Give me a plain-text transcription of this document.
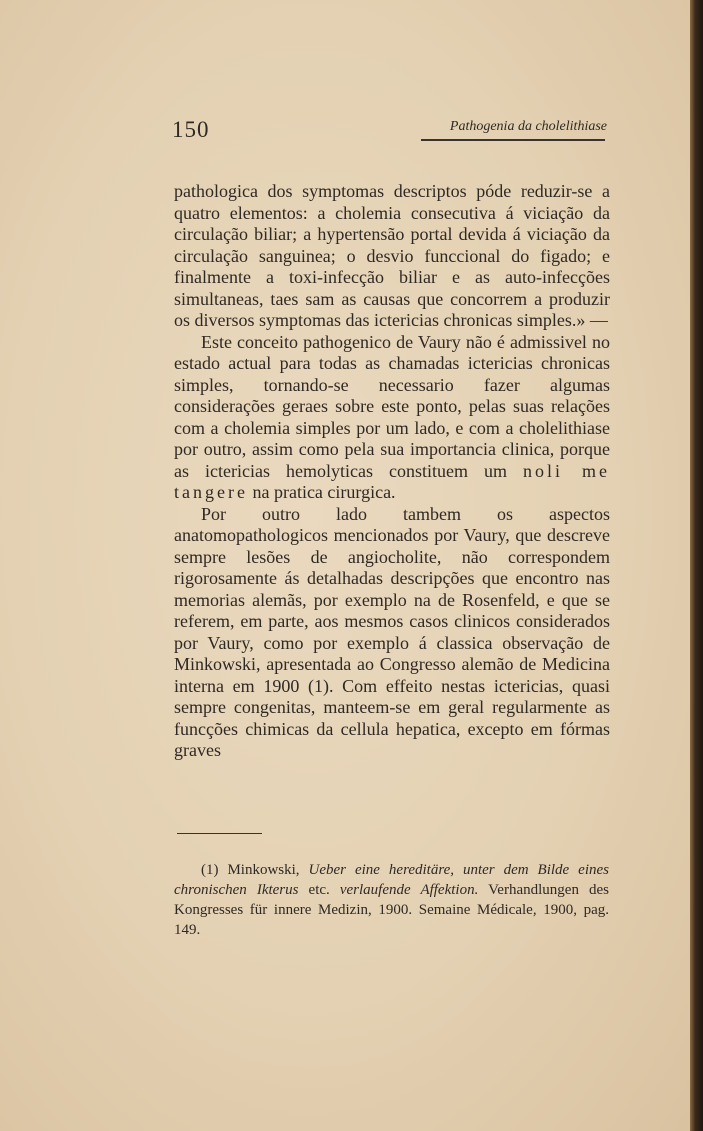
150	Pathogenia da cholelithiase

pathologica dos symptomas descriptos póde reduzir-se a quatro elementos: a cholemia consecutiva á viciação da circulação biliar; a hypertensão portal devida á viciação da circulação sanguinea; o desvio funccional do figado; e finalmente a toxi-infecção biliar e as auto-infecções simultaneas, taes sam as causas que concorrem a produzir os diversos symptomas das ictericias chronicas simples.» —

Este conceito pathogenico de Vaury não é admissivel no estado actual para todas as chamadas ictericias chronicas simples, tornando-se necessario fazer algumas considerações geraes sobre este ponto, pelas suas relações com a cholemia simples por um lado, e com a cholelithiase por outro, assim como pela sua importancia clinica, porque as ictericias hemolyticas constituem um noli me tangere na pratica cirurgica.

Por outro lado tambem os aspectos anatomopathologicos mencionados por Vaury, que descreve sempre lesões de angiocholite, não correspondem rigorosamente ás detalhadas descripções que encontro nas memorias alemãs, por exemplo na de Rosenfeld, e que se referem, em parte, aos mesmos casos clinicos considerados por Vaury, como por exemplo á classica observação de Minkowski, apresentada ao Congresso alemão de Medicina interna em 1900 (1). Com effeito nestas ictericias, quasi sempre congenitas, manteem-se em geral regularmente as funcções chimicas da cellula hepatica, excepto em fórmas graves

(1) Minkowski, Ueber eine hereditäre, unter dem Bilde eines chronischen Ikterus etc. verlaufende Affektion. Verhandlungen des Kongresses für innere Medizin, 1900. Semaine Médicale, 1900, pag. 149.
